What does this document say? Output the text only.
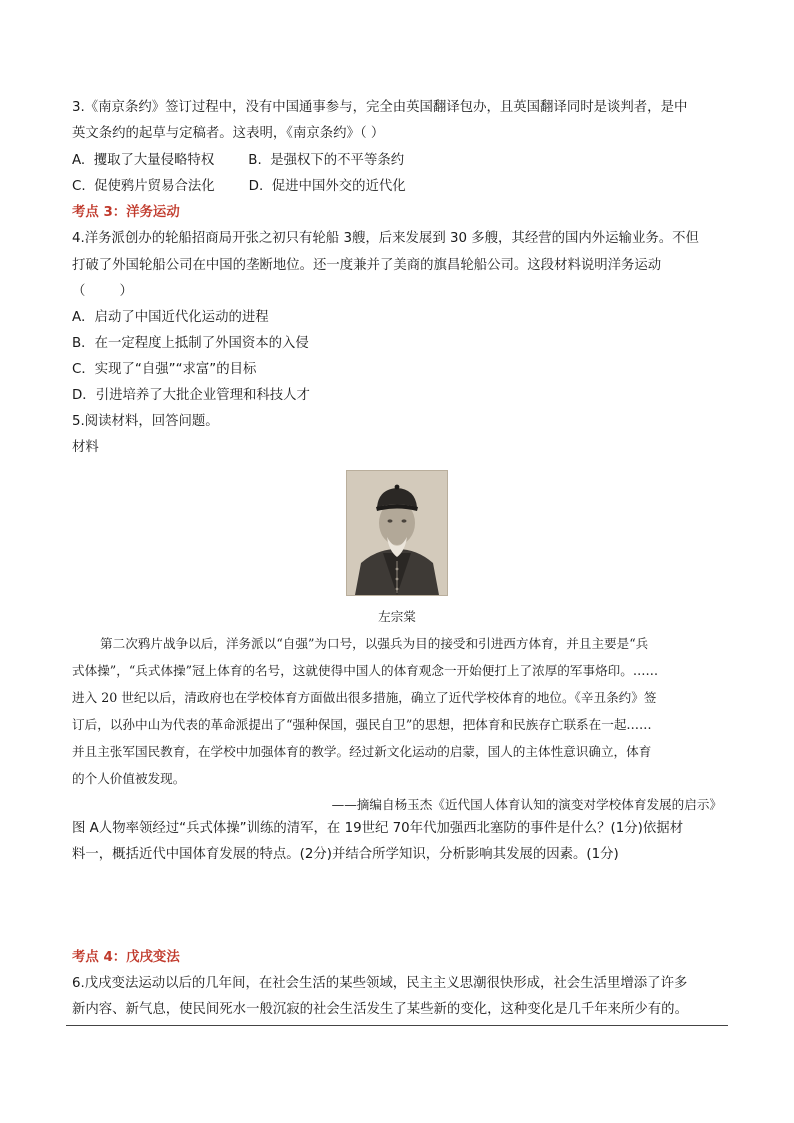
3.《南京条约》签订过程中，没有中国通事参与，完全由英国翻译包办，且英国翻译同时是谈判者，是中
英文条约的起草与定稿者。这表明，《南京条约》（ ）
A.  攫取了大量侵略特权        B.  是强权下的不平等条约
C.  促使鸦片贸易合法化        D.  促进中国外交的近代化
考点 3：洋务运动
4.洋务派创办的轮船招商局开张之初只有轮船 3艘，后来发展到 30 多艘，其经营的国内外运输业务。不但
打破了外国轮船公司在中国的垄断地位。还一度兼并了美商的旗昌轮船公司。这段材料说明洋务运动
（        ）
A．启动了中国近代化运动的进程
B．在一定程度上抵制了外国资本的入侵
C．实现了“自强”“求富”的目标
D．引进培养了大批企业管理和科技人才
5.阅读材料，回答问题。
材料
左宗棠
第二次鸦片战争以后，洋务派以“自强”为口号，以强兵为目的接受和引进西方体育，并且主要是“兵
式体操”，“兵式体操”冠上体育的名号，这就使得中国人的体育观念一开始便打上了浓厚的军事烙印。……
进入 20 世纪以后，清政府也在学校体育方面做出很多措施，确立了近代学校体育的地位。《辛丑条约》签
订后，以孙中山为代表的革命派提出了“强种保国，强民自卫”的思想，把体育和民族存亡联系在一起……
并且主张军国民教育，在学校中加强体育的教学。经过新文化运动的启蒙，国人的主体性意识确立，体育
的个人价值被发现。
——摘编自杨玉杰《近代国人体育认知的演变对学校体育发展的启示》
图 A人物率领经过“兵式体操”训练的清军，在 19世纪 70年代加强西北塞防的事件是什么？(1分)依据材
料一，概括近代中国体育发展的特点。(2分)并结合所学知识，分析影响其发展的因素。(1分)
考点 4：戊戌变法
6.戊戌变法运动以后的几年间，在社会生活的某些领域，民主主义思潮很快形成，社会生活里增添了许多
新内容、新气息，使民间死水一般沉寂的社会生活发生了某些新的变化，这种变化是几千年来所少有的。
